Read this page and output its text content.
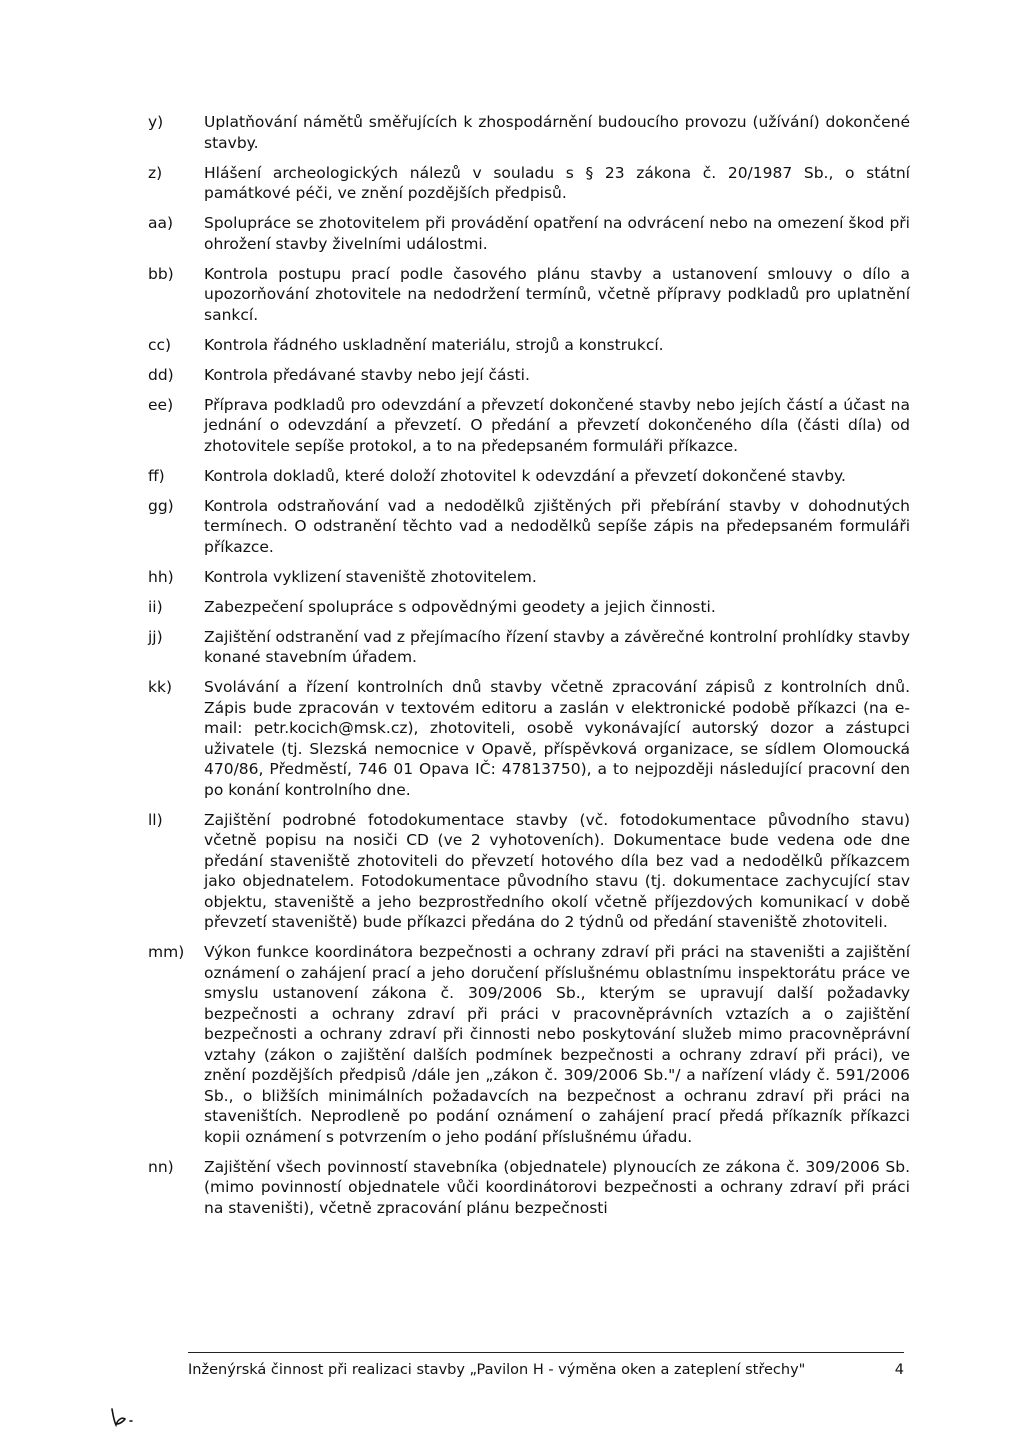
y)	Uplatňování námětů směřujících k zhospodárnění budoucího provozu (užívání) dokončené stavby.
z)	Hlášení archeologických nálezů v souladu s § 23 zákona č. 20/1987 Sb., o státní památkové péči, ve znění pozdějších předpisů.
aa)	Spolupráce se zhotovitelem při provádění opatření na odvrácení nebo na omezení škod při ohrožení stavby živelními událostmi.
bb)	Kontrola postupu prací podle časového plánu stavby a ustanovení smlouvy o dílo a upozorňování zhotovitele na nedodržení termínů, včetně přípravy podkladů pro uplatnění sankcí.
cc)	Kontrola řádného uskladnění materiálu, strojů a konstrukcí.
dd)	Kontrola předávané stavby nebo její části.
ee)	Příprava podkladů pro odevzdání a převzetí dokončené stavby nebo jejích částí a účast na jednání o odevzdání a převzetí. O předání a převzetí dokončeného díla (části díla) od zhotovitele sepíše protokol, a to na předepsaném formuláři příkazce.
ff)	Kontrola dokladů, které doloží zhotovitel k odevzdání a převzetí dokončené stavby.
gg)	Kontrola odstraňování vad a nedodělků zjištěných při přebírání stavby v dohodnutých termínech. O odstranění těchto vad a nedodělků sepíše zápis na předepsaném formuláři příkazce.
hh)	Kontrola vyklizení staveniště zhotovitelem.
ii)	Zabezpečení spolupráce s odpovědnými geodety a jejich činnosti.
jj)	Zajištění odstranění vad z přejímacího řízení stavby a závěrečné kontrolní prohlídky stavby konané stavebním úřadem.
kk)	Svolávání a řízení kontrolních dnů stavby včetně zpracování zápisů z kontrolních dnů. Zápis bude zpracován v textovém editoru a zaslán v elektronické podobě příkazci (na e-mail: petr.kocich@msk.cz), zhotoviteli, osobě vykonávající autorský dozor a zástupci uživatele (tj. Slezská nemocnice v Opavě, příspěvková organizace, se sídlem Olomoucká 470/86, Předměstí, 746 01 Opava IČ: 47813750), a to nejpozději následující pracovní den po konání kontrolního dne.
ll)	Zajištění podrobné fotodokumentace stavby (vč. fotodokumentace původního stavu) včetně popisu na nosiči CD (ve 2 vyhotoveních). Dokumentace bude vedena ode dne předání staveniště zhotoviteli do převzetí hotového díla bez vad a nedodělků příkazcem jako objednatelem. Fotodokumentace původního stavu (tj. dokumentace zachycující stav objektu, staveniště a jeho bezprostředního okolí včetně příjezdových komunikací v době převzetí staveniště) bude příkazci předána do 2 týdnů od předání staveniště zhotoviteli.
mm)	Výkon funkce koordinátora bezpečnosti a ochrany zdraví při práci na staveništi a zajištění oznámení o zahájení prací a jeho doručení příslušnému oblastnímu inspektorátu práce ve smyslu ustanovení zákona č. 309/2006 Sb., kterým se upravují další požadavky bezpečnosti a ochrany zdraví při práci v pracovněprávních vztazích a o zajištění bezpečnosti a ochrany zdraví při činnosti nebo poskytování služeb mimo pracovněprávní vztahy (zákon o zajištění dalších podmínek bezpečnosti a ochrany zdraví při práci), ve znění pozdějších předpisů /dále jen „zákon č. 309/2006 Sb."/ a nařízení vlády č. 591/2006 Sb., o bližších minimálních požadavcích na bezpečnost a ochranu zdraví při práci na staveništích. Neprodleně po podání oznámení o zahájení prací předá příkazník příkazci kopii oznámení s potvrzením o jeho podání příslušnému úřadu.
nn)	Zajištění všech povinností stavebníka (objednatele) plynoucích ze zákona č. 309/2006 Sb. (mimo povinností objednatele vůči koordinátorovi bezpečnosti a ochrany zdraví při práci na staveništi), včetně zpracování plánu bezpečnosti
Inženýrská činnost při realizaci stavby „Pavilon H - výměna oken a zateplení střechy"	4
